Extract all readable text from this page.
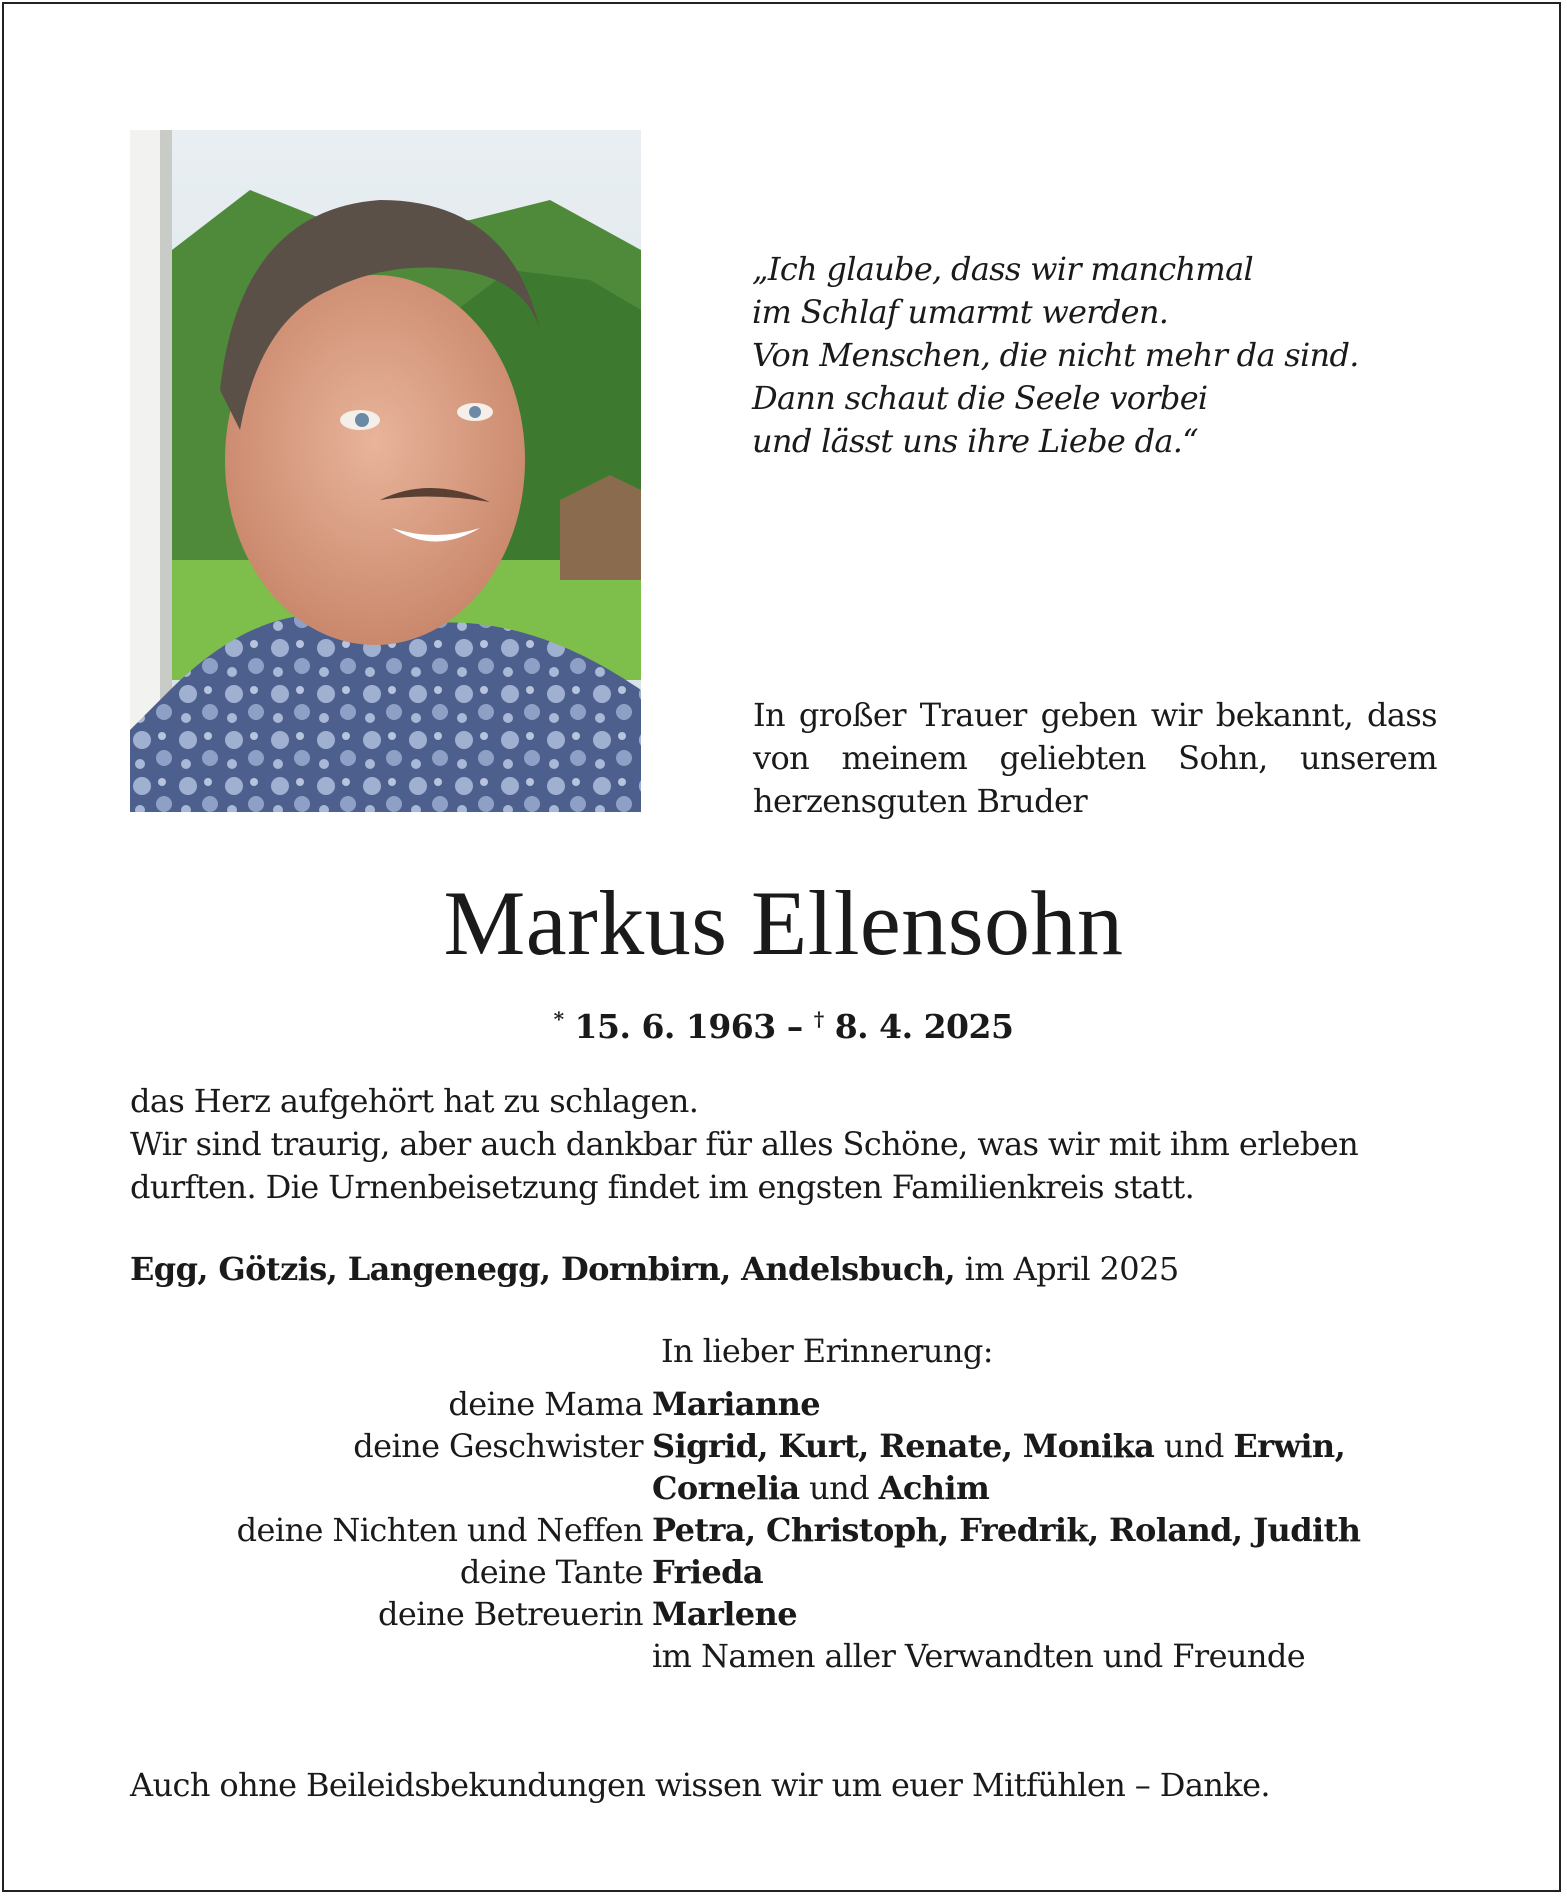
„Ich glaube, dass wir manchmal
im Schlaf umarmt werden.
Von Menschen, die nicht mehr da sind.
Dann schaut die Seele vorbei
und lässt uns ihre Liebe da.“
In großer Trauer geben wir bekannt, dass
von meinem geliebten Sohn, unserem
herzensguten Bruder
Markus Ellensohn
* 15. 6. 1963 – † 8. 4. 2025
das Herz aufgehört hat zu schlagen.
Wir sind traurig, aber auch dankbar für alles Schöne, was wir mit ihm erleben
durften. Die Urnenbeisetzung findet im engsten Familienkreis statt.
Egg, Götzis, Langenegg, Dornbirn, Andelsbuch, im April 2025
In lieber Erinnerung:
deine Mama Marianne
deine Geschwister Sigrid, Kurt, Renate, Monika und Erwin,
Cornelia und Achim
deine Nichten und Neffen Petra, Christoph, Fredrik, Roland, Judith
deine Tante Frieda
deine Betreuerin Marlene
im Namen aller Verwandten und Freunde
Auch ohne Beileidsbekundungen wissen wir um euer Mitfühlen – Danke.
